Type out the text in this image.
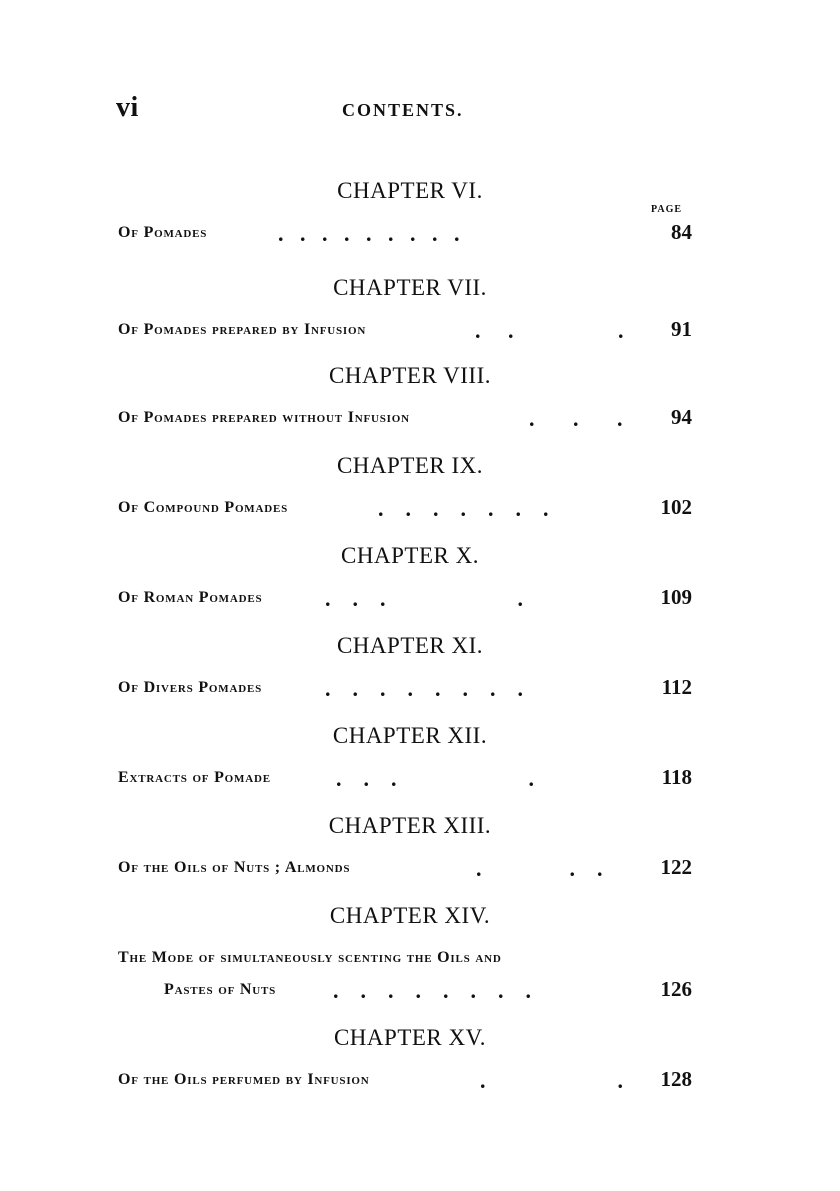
vi	CONTENTS.
PAGE
CHAPTER VI.
Of Pomades	.   .   .   .   .   .   .   .   .	84
CHAPTER VII.
Of Pomades prepared by Infusion	.     .                   . 91
CHAPTER VIII.
Of Pomades prepared without Infusion	.       .       . 94
CHAPTER IX.
Of Compound Pomades	.    .    .    .    .    .    .	102
CHAPTER X.
Of Roman Pomades	.    .    .                        .	109
CHAPTER XI.
Of Divers Pomades	.    .    .    .    .    .    .    .	112
CHAPTER XII.
Extracts of Pomade	.    .    .                        .	118
CHAPTER XIII.
Of the Oils of Nuts ; Almonds	.                .    .	122
CHAPTER XIV.
The Mode of simultaneously scenting the Oils and
Pastes of Nuts	.    .    .    .    .    .    .    .	126
CHAPTER XV.
Of the Oils perfumed by Infusion	.                        . 128
